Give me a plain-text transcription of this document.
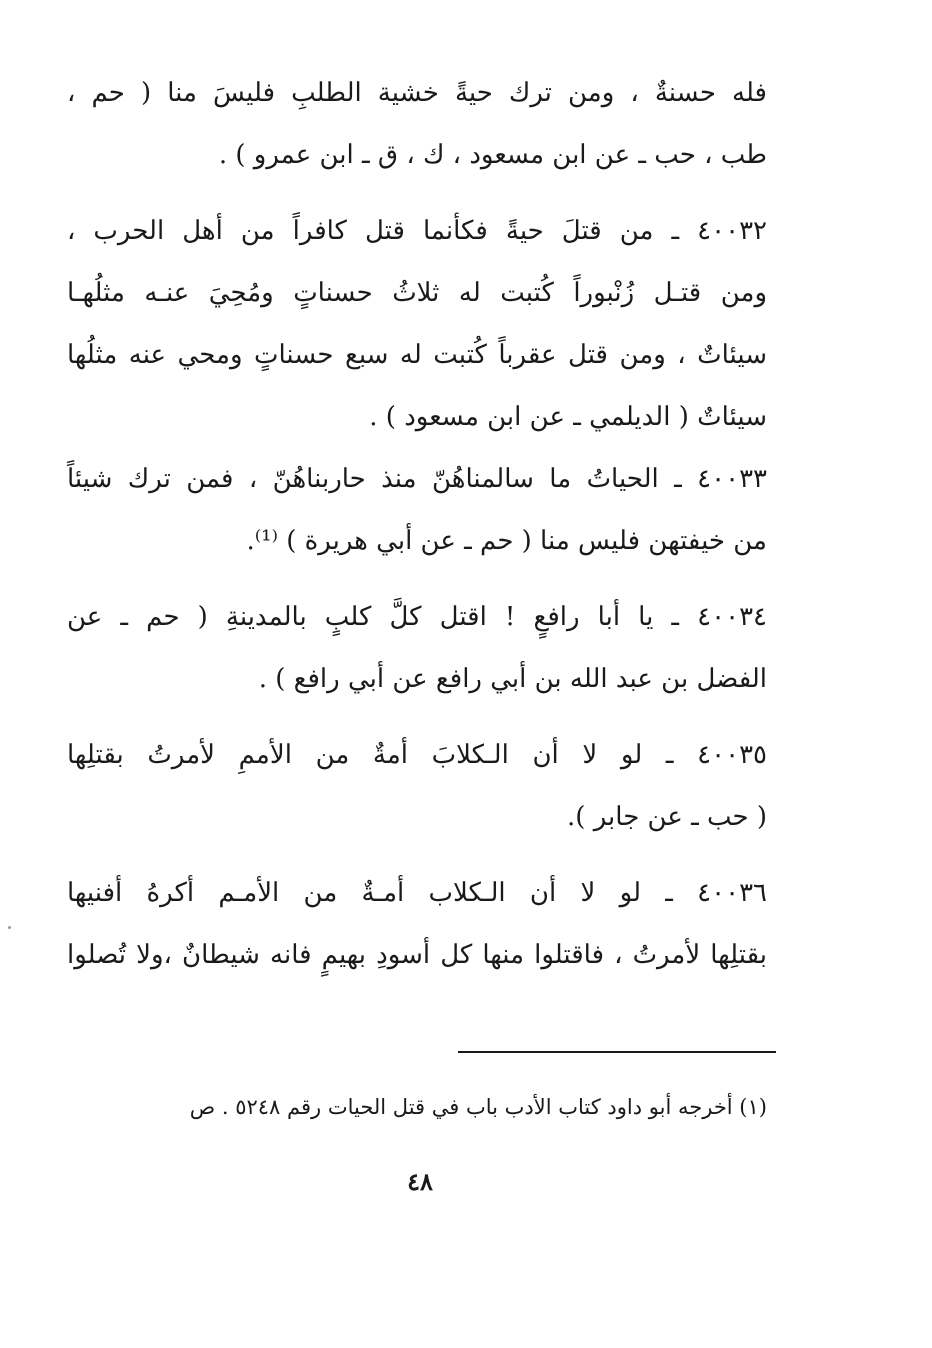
فله حسنةٌ ، ومن ترك حيةً خشية الطلبِ فليسَ منا ( حم ،
طب ، حب ـ عن ابن مسعود ، ك ، ق ـ ابن عمرو ) .
٤٠٠٣٢ ـ من قتلَ حيةً فكأنما قتل كافراً من أهل الحرب ،
ومن قتـل زُنْبوراً كُتبت له ثلاثُ حسناتٍ ومُحِيَ عنـه مثلُهـا
سيئاتٌ ، ومن قتل عقرباً كُتبت له سبع حسناتٍ ومحي عنه مثلُها
سيئاتٌ ( الديلمي ـ عن ابن مسعود ) .
٤٠٠٣٣ ـ الحياتُ ما سالمناهُنّ منذ حاربناهُنّ ، فمن ترك شيئاً
من خيفتهن فليس منا ( حم ـ عن أبي هريرة ) ⁽¹⁾.
٤٠٠٣٤ ـ يا أبا رافعٍ ! اقتل كلَّ كلبٍ بالمدينةِ ( حم ـ عن
الفضل بن عبد الله بن أبي رافع عن أبي رافع ) .
٤٠٠٣٥ ـ لو لا أن الـكلابَ أمةٌ من الأممِ لأمرتُ بقتلِها
( حب ـ عن جابر ).
٤٠٠٣٦ ـ لو لا أن الـكلاب أمـةٌ من الأمـم أكرهُ أفنيها
بقتلِها لأمرتُ ، فاقتلوا منها كل أسودِ بهيمٍ فانه شيطانٌ ،ولا تُصلوا
(١) أخرجه أبو داود كتاب الأدب باب في قتل الحيات رقم ٥٢٤٨ . ص
٤٨
